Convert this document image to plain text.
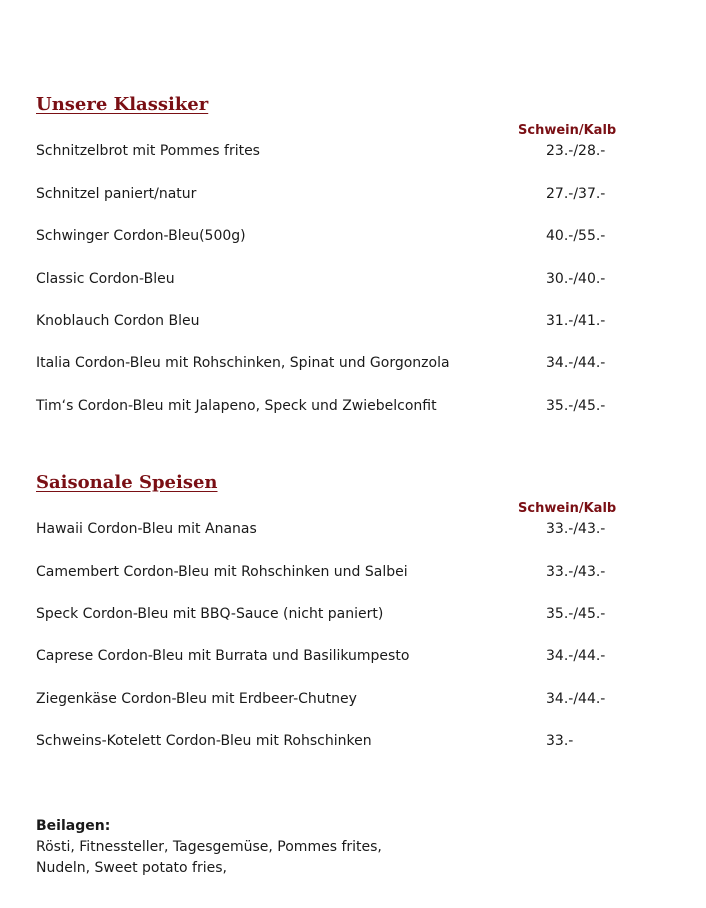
Unsere Klassiker
Schwein/Kalb
Schnitzelbrot mit Pommes frites	23.-/28.-
Schnitzel paniert/natur	27.-/37.-
Schwinger Cordon-Bleu(500g)	40.-/55.-
Classic Cordon-Bleu	30.-/40.-
Knoblauch Cordon Bleu	31.-/41.-
Italia Cordon-Bleu mit Rohschinken, Spinat und Gorgonzola	34.-/44.-
Tim‘s Cordon-Bleu mit Jalapeno, Speck und Zwiebelconfit	35.-/45.-
Saisonale Speisen
Schwein/Kalb
Hawaii Cordon-Bleu mit Ananas	33.-/43.-
Camembert Cordon-Bleu mit Rohschinken und Salbei	33.-/43.-
Speck Cordon-Bleu mit BBQ-Sauce (nicht paniert)	35.-/45.-
Caprese Cordon-Bleu mit Burrata und Basilikumpesto	34.-/44.-
Ziegenkäse Cordon-Bleu mit Erdbeer-Chutney	34.-/44.-
Schweins-Kotelett Cordon-Bleu mit Rohschinken	33.-
Beilagen:
Rösti, Fitnessteller, Tagesgemüse, Pommes frites,
Nudeln, Sweet potato fries,
